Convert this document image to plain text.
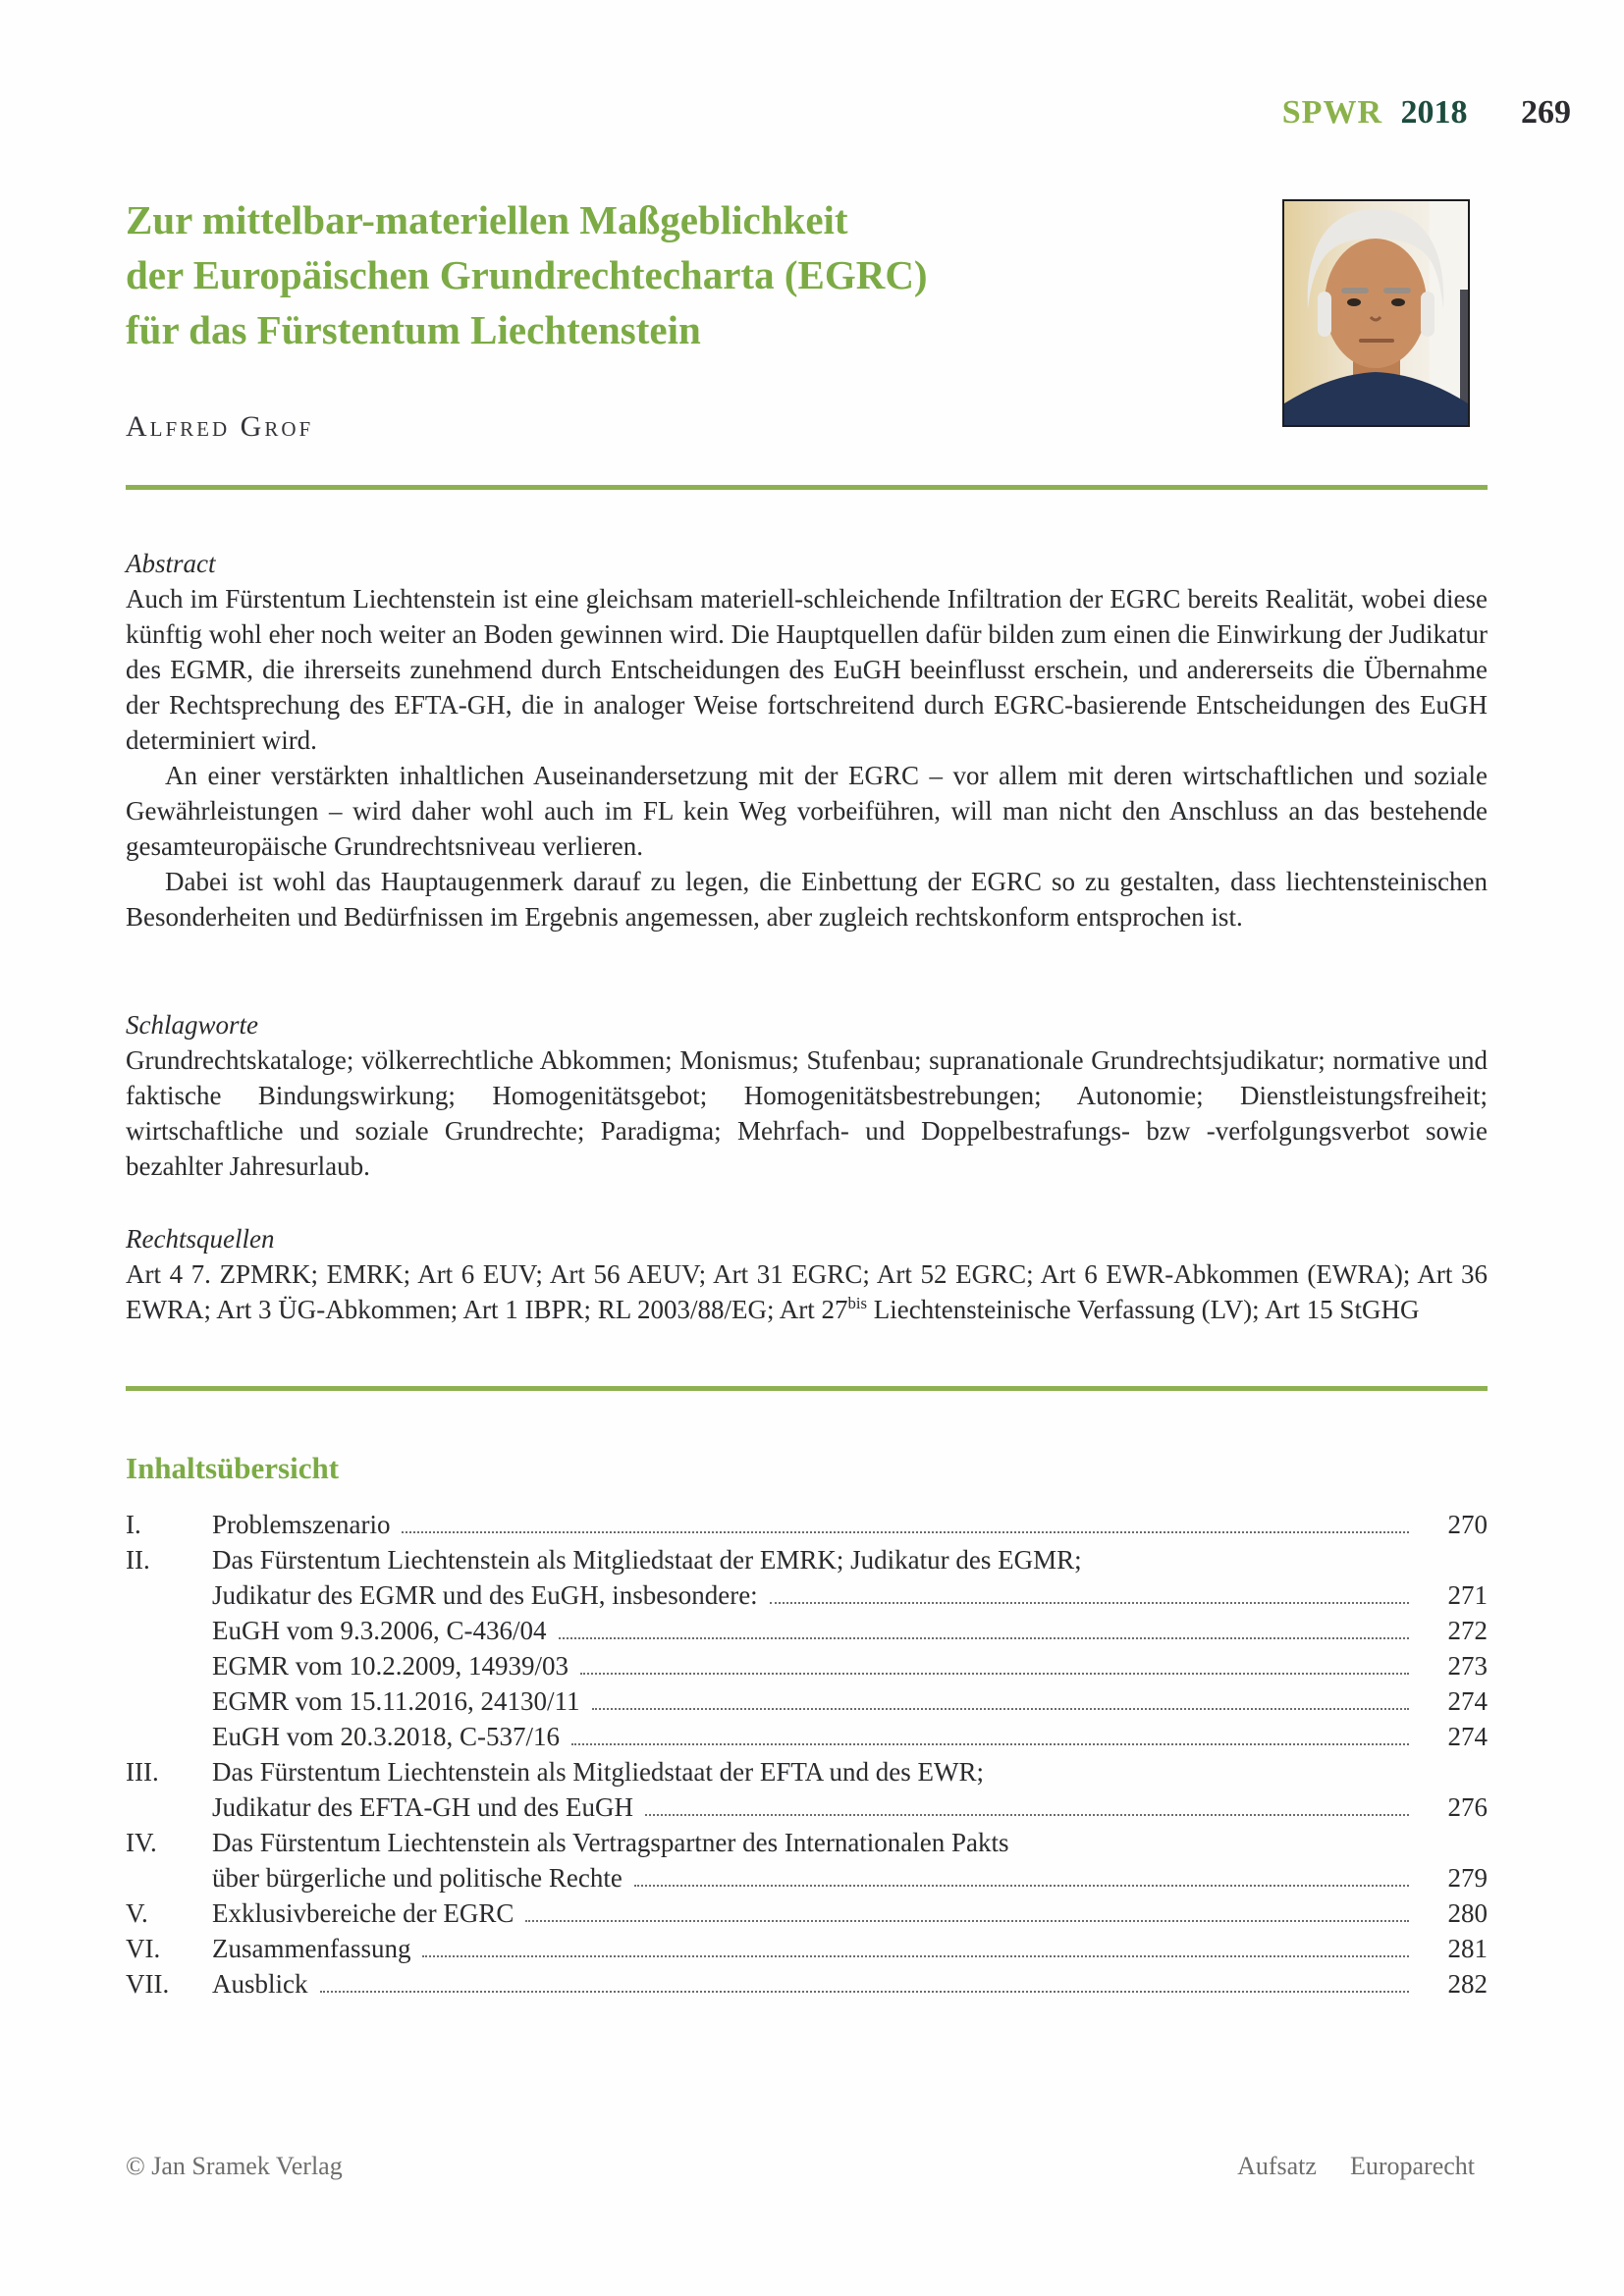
SPWR 2018 269
Zur mittelbar-materiellen Maßgeblichkeit
der Europäischen Grundrechtecharta (EGRC)
für das Fürstentum Liechtenstein
Alfred Grof
Abstract

Auch im Fürstentum Liechtenstein ist eine gleichsam materiell-schleichende Infiltration der EGRC bereits Realität, wobei diese künftig wohl eher noch weiter an Boden gewinnen wird. Die Hauptquellen dafür bilden zum einen die Einwirkung der Judikatur des EGMR, die ihrerseits zunehmend durch Entscheidungen des EuGH beeinflusst erschein, und andererseits die Übernahme der Rechtsprechung des EFTA-GH, die in analoger Weise fortschreitend durch EGRC-basierende Entscheidungen des EuGH determiniert wird.

An einer verstärkten inhaltlichen Auseinandersetzung mit der EGRC – vor allem mit deren wirtschaftlichen und soziale Gewährleistungen – wird daher wohl auch im FL kein Weg vorbeiführen, will man nicht den Anschluss an das bestehende gesamteuropäische Grundrechtsniveau verlieren.

Dabei ist wohl das Hauptaugenmerk darauf zu legen, die Einbettung der EGRC so zu gestalten, dass liechtensteinischen Besonderheiten und Bedürfnissen im Ergebnis angemessen, aber zugleich rechtskonform entsprochen ist.

Schlagworte

Grundrechtskataloge; völkerrechtliche Abkommen; Monismus; Stufenbau; supranationale Grundrechtsjudikatur; normative und faktische Bindungswirkung; Homogenitätsgebot; Homogenitätsbestrebungen; Autonomie; Dienstleistungsfreiheit; wirtschaftliche und soziale Grundrechte; Paradigma; Mehrfach- und Doppelbestrafungs- bzw -verfolgungsverbot sowie bezahlter Jahresurlaub.

Rechtsquellen

Art 4 7. ZPMRK; EMRK; Art 6 EUV; Art 56 AEUV; Art 31 EGRC; Art 52 EGRC; Art 6 EWR-Abkommen (EWRA); Art 36 EWRA; Art 3 ÜG-Abkommen; Art 1 IBPR; RL 2003/88/EG; Art $27^{bis}$ Liechtensteinische Verfassung (LV); Art 15 StGHG

Inhaltsübersicht
I.	Problemszenario	270
II.	Das Fürstentum Liechtenstein als Mitgliedstaat der EMRK; Judikatur des EGMR;
Judikatur des EGMR und des EuGH, insbesondere:	271
EuGH vom 9.3.2006, C-436/04	272
EGMR vom 10.2.2009, 14939/03	273
EGMR vom 15.11.2016, 24130/11	274
EuGH vom 20.3.2018, C-537/16	274
III.	Das Fürstentum Liechtenstein als Mitgliedstaat der EFTA und des EWR;
Judikatur des EFTA-GH und des EuGH	276
IV.	Das Fürstentum Liechtenstein als Vertragspartner des Internationalen Pakts
über bürgerliche und politische Rechte	279
V.	Exklusivbereiche der EGRC	280
VI.	Zusammenfassung	281
VII.	Ausblick	282
© Jan Sramek Verlag	Aufsatz Europarecht
